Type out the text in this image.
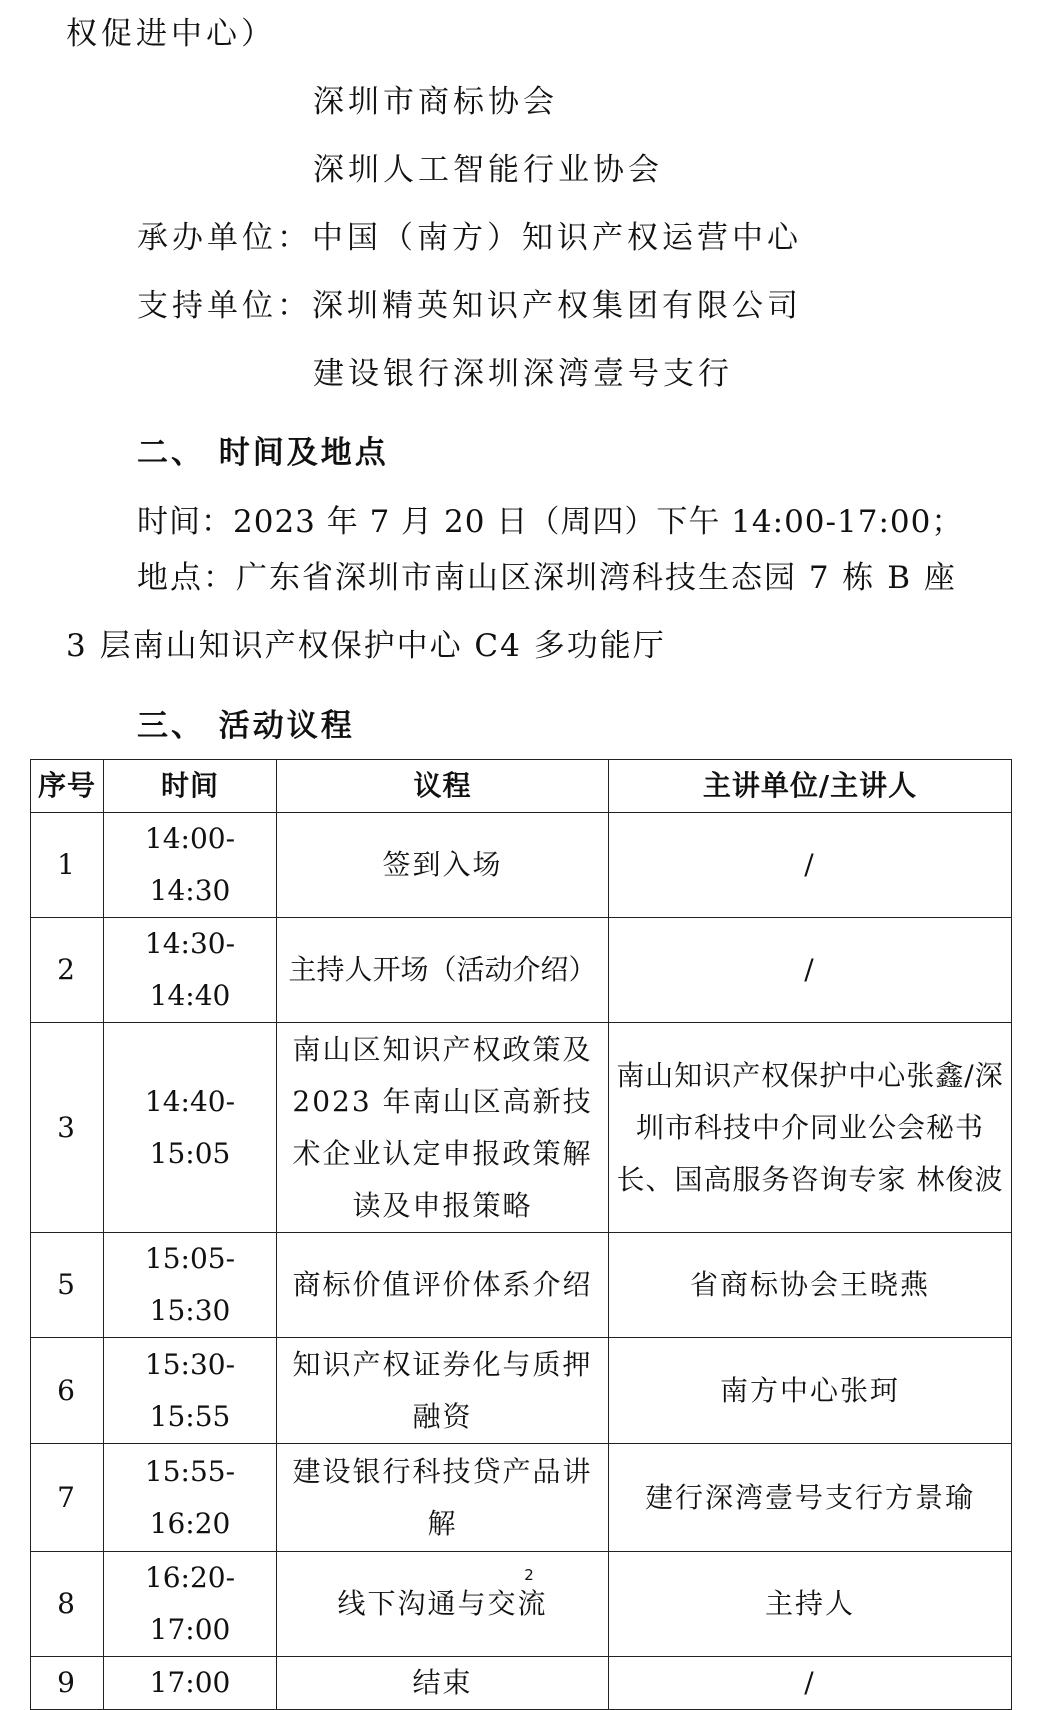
权促进中心）
深圳市商标协会
深圳人工智能行业协会
承办单位：中国（南方）知识产权运营中心
支持单位：深圳精英知识产权集团有限公司
建设银行深圳深湾壹号支行
二、 时间及地点
时间：2023 年 7 月 20 日（周四）下午 14:00-17:00；
地点：广东省深圳市南山区深圳湾科技生态园 7 栋 B 座
3 层南山知识产权保护中心 C4 多功能厅
三、 活动议程
序号	时间	议程	主讲单位/主讲人
1	14:00-14:30	签到入场	/
2	14:30-14:40	主持人开场（活动介绍）	/
3	14:40-15:05	南山区知识产权政策及2023 年南山区高新技术企业认定申报政策解读及申报策略	南山知识产权保护中心张鑫/深圳市科技中介同业公会秘书长、国高服务咨询专家 林俊波
5	15:05-15:30	商标价值评价体系介绍	省商标协会王晓燕
6	15:30-15:55	知识产权证券化与质押融资	南方中心张珂
7	15:55-16:20	建设银行科技贷产品讲解	建行深湾壹号支行方景瑜
8	16:20-17:00	线下沟通与交流	主持人
9	17:00	结束	/
2
